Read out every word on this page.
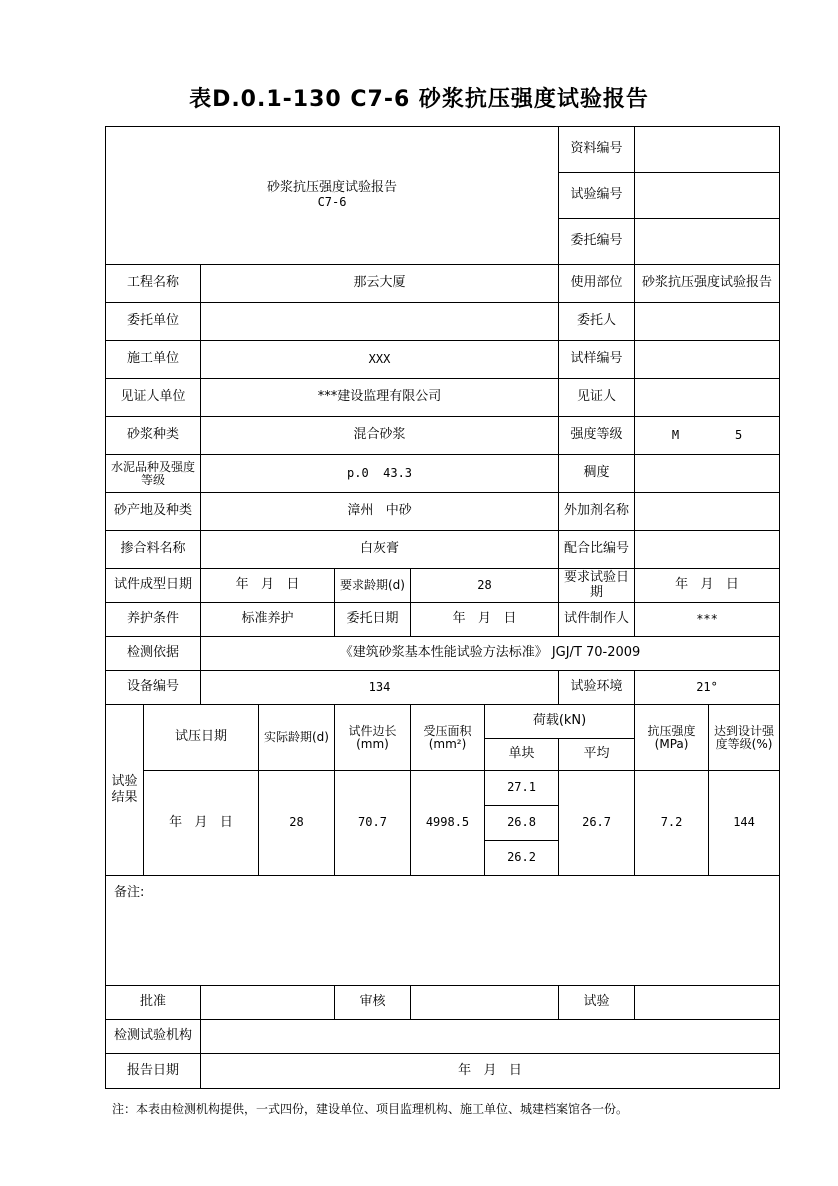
表D.0.1-130 C7-6 砂浆抗压强度试验报告
砂浆抗压强度试验报告
C7-6							资料编号		
							试验编号		
							委托编号		
工程名称		那云大厦					使用部位	砂浆抗压强度试验报告	
委托单位							委托人		
施工单位		XXX					试样编号		
见证人单位		***建设监理有限公司					见证人		
砂浆种类		混合砂浆					强度等级	M 5	
水泥品种及强度等级		p.0  43.3					稠度		
砂产地及种类		漳州   中砂					外加剂名称		
掺合料名称		白灰膏					配合比编号		
试件成型日期		年   月   日		要求龄期(d)	28		要求试验日期	年   月   日	
养护条件		标准养护		委托日期	年   月   日		试件制作人	***	
检测依据		《建筑砂浆基本性能试验方法标准》 JGJ/T 70-2009							
设备编号		134					试验环境	21°	
试验结果	试压日期		实际龄期(d)	试件边长(mm)	受压面积(mm²)	荷载(kN)		抗压强度(MPa)	达到设计强度等级(%)
						单块	平均		
	年   月   日		28	70.7	4998.5	27.1	26.7	7.2	144
						26.8			
						26.2			
备注:									
批准				审核			试验		
检测试验机构									
报告日期		年   月   日							
注：本表由检测机构提供，一式四份，建设单位、项目监理机构、施工单位、城建档案馆各一份。
